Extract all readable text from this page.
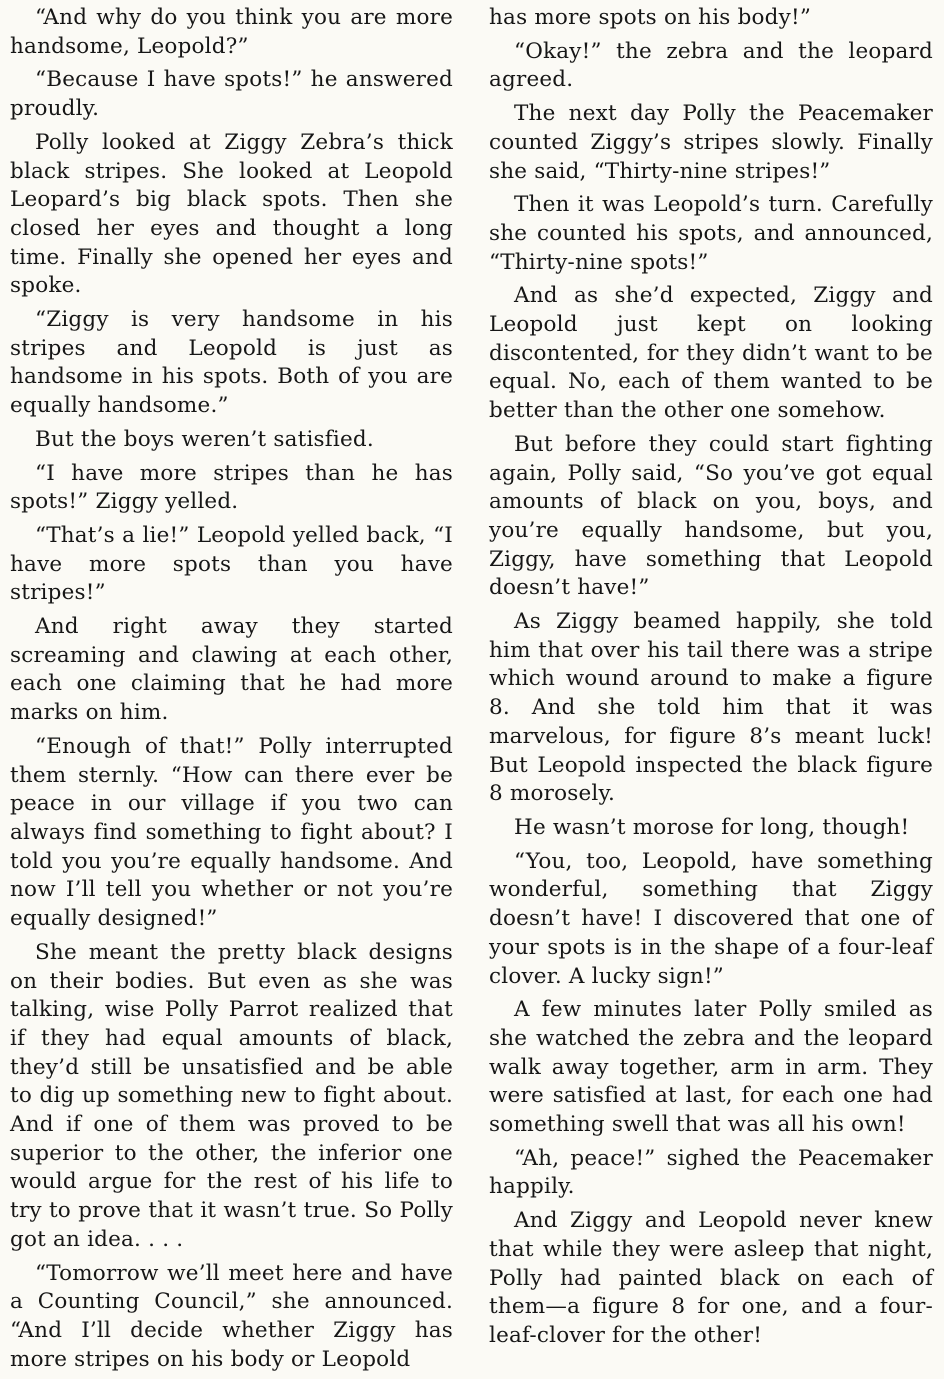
“And why do you think you are more handsome, Leopold?”

“Because I have spots!” he answered proudly.

Polly looked at Ziggy Zebra’s thick black stripes. She looked at Leopold Leopard’s big black spots. Then she closed her eyes and thought a long time. Finally she opened her eyes and spoke.

“Ziggy is very handsome in his stripes and Leopold is just as handsome in his spots. Both of you are equally handsome.”

But the boys weren’t satisfied.

“I have more stripes than he has spots!” Ziggy yelled.

“That’s a lie!” Leopold yelled back, “I have more spots than you have stripes!”

And right away they started screaming and clawing at each other, each one claiming that he had more marks on him.

“Enough of that!” Polly interrupted them sternly. “How can there ever be peace in our village if you two can always find something to fight about? I told you you’re equally handsome. And now I’ll tell you whether or not you’re equally designed!”

She meant the pretty black designs on their bodies. But even as she was talking, wise Polly Parrot realized that if they had equal amounts of black, they’d still be unsatisfied and be able to dig up something new to fight about. And if one of them was proved to be superior to the other, the inferior one would argue for the rest of his life to try to prove that it wasn’t true. So Polly got an idea. . . .

“Tomorrow we’ll meet here and have a Counting Council,” she announced. “And I’ll decide whether Ziggy has more stripes on his body or Leopold

has more spots on his body!”

“Okay!” the zebra and the leopard agreed.

The next day Polly the Peacemaker counted Ziggy’s stripes slowly. Finally she said, “Thirty-nine stripes!”

Then it was Leopold’s turn. Carefully she counted his spots, and announced, “Thirty-nine spots!”

And as she’d expected, Ziggy and Leopold just kept on looking discontented, for they didn’t want to be equal. No, each of them wanted to be better than the other one somehow.

But before they could start fighting again, Polly said, “So you’ve got equal amounts of black on you, boys, and you’re equally handsome, but you, Ziggy, have something that Leopold doesn’t have!”

As Ziggy beamed happily, she told him that over his tail there was a stripe which wound around to make a figure 8. And she told him that it was marvelous, for figure 8’s meant luck! But Leopold inspected the black figure 8 morosely.

He wasn’t morose for long, though!

“You, too, Leopold, have something wonderful, something that Ziggy doesn’t have! I discovered that one of your spots is in the shape of a four-leaf clover. A lucky sign!”

A few minutes later Polly smiled as she watched the zebra and the leopard walk away together, arm in arm. They were satisfied at last, for each one had something swell that was all his own!

“Ah, peace!” sighed the Peacemaker happily.

And Ziggy and Leopold never knew that while they were asleep that night, Polly had painted black on each of them—a figure 8 for one, and a four-leaf-clover for the other!
